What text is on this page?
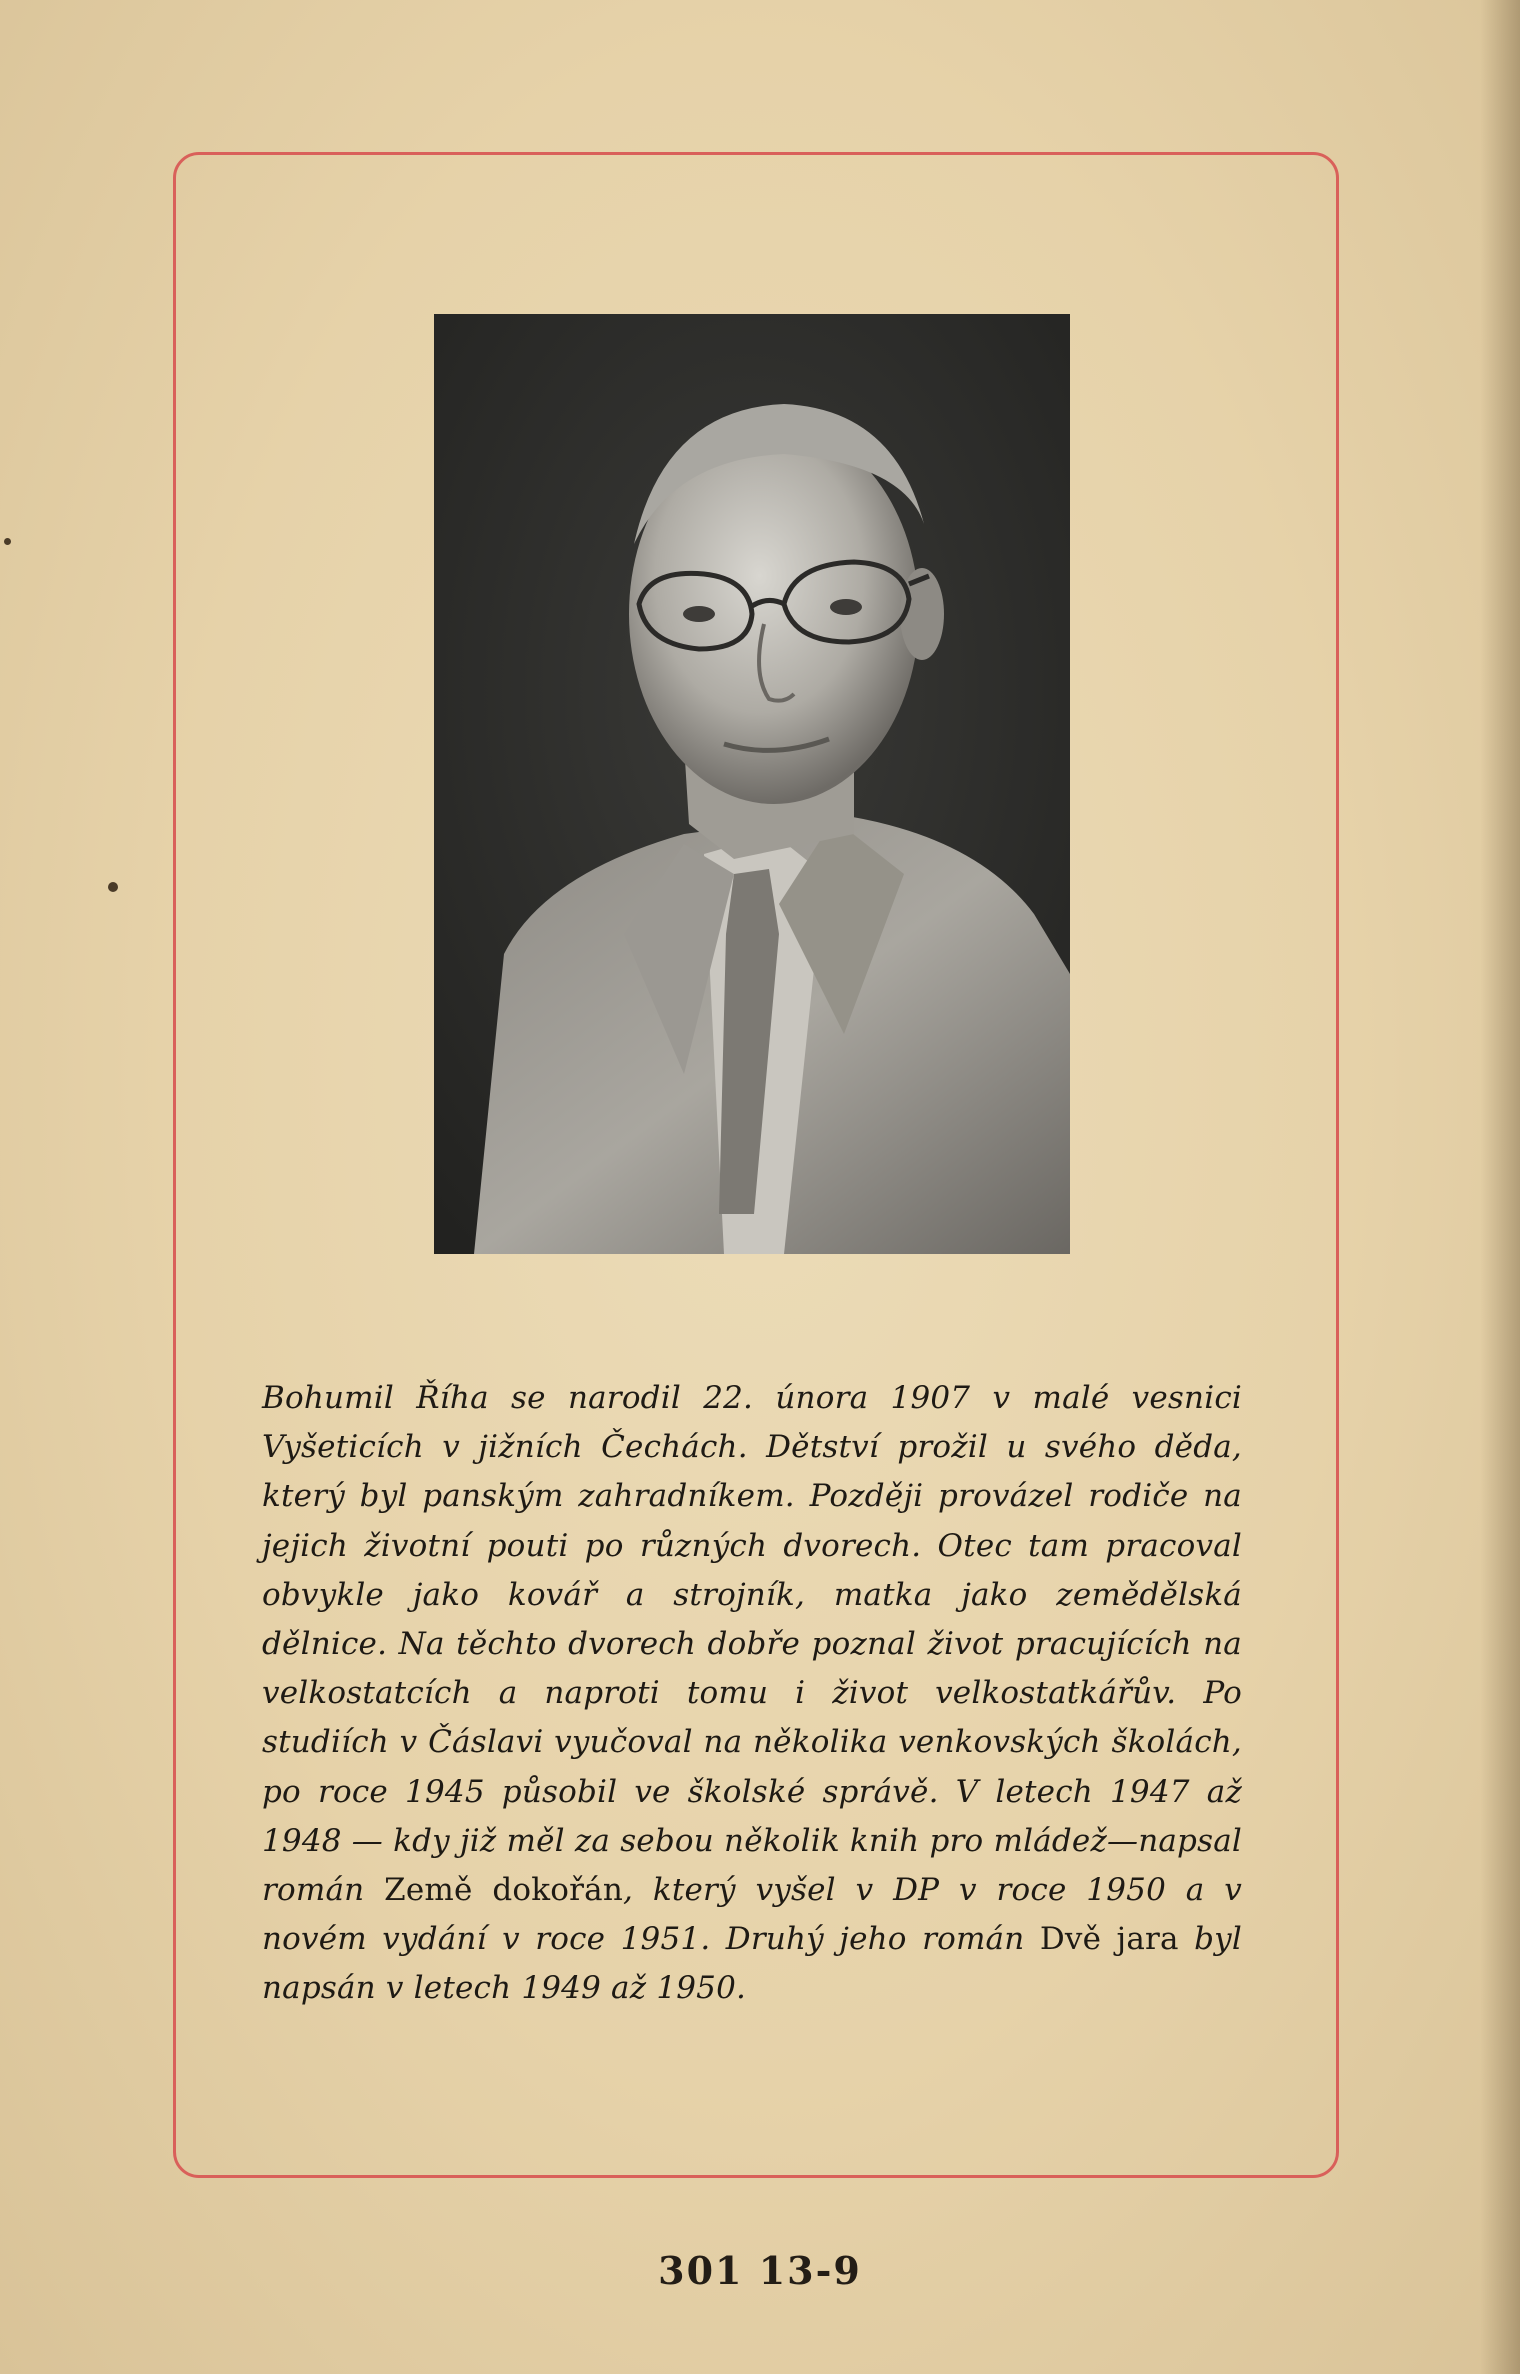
Bohumil Říha se narodil 22. února 1907 v malé vesnici Vyšeticích v jižních Čechách. Dětství prožil u svého děda, který byl panským zahradníkem. Později provázel rodiče na jejich životní pouti po různých dvorech. Otec tam pracoval obvykle jako kovář a strojník, matka jako zemědělská dělnice. Na těchto dvorech dobře poznal život pracujících na velkostatcích a naproti tomu i život velkostatkářův. Po studiích v Čáslavi vyučoval na několika venkovských školách, po roce 1945 působil ve školské správě. V letech 1947 až 1948 — kdy již měl za sebou několik knih pro mládež—napsal román Země dokořán, který vyšel v DP v roce 1950 a v novém vydání v roce 1951. Druhý jeho román Dvě jara byl napsán v letech 1949 až 1950.
301 13-9
